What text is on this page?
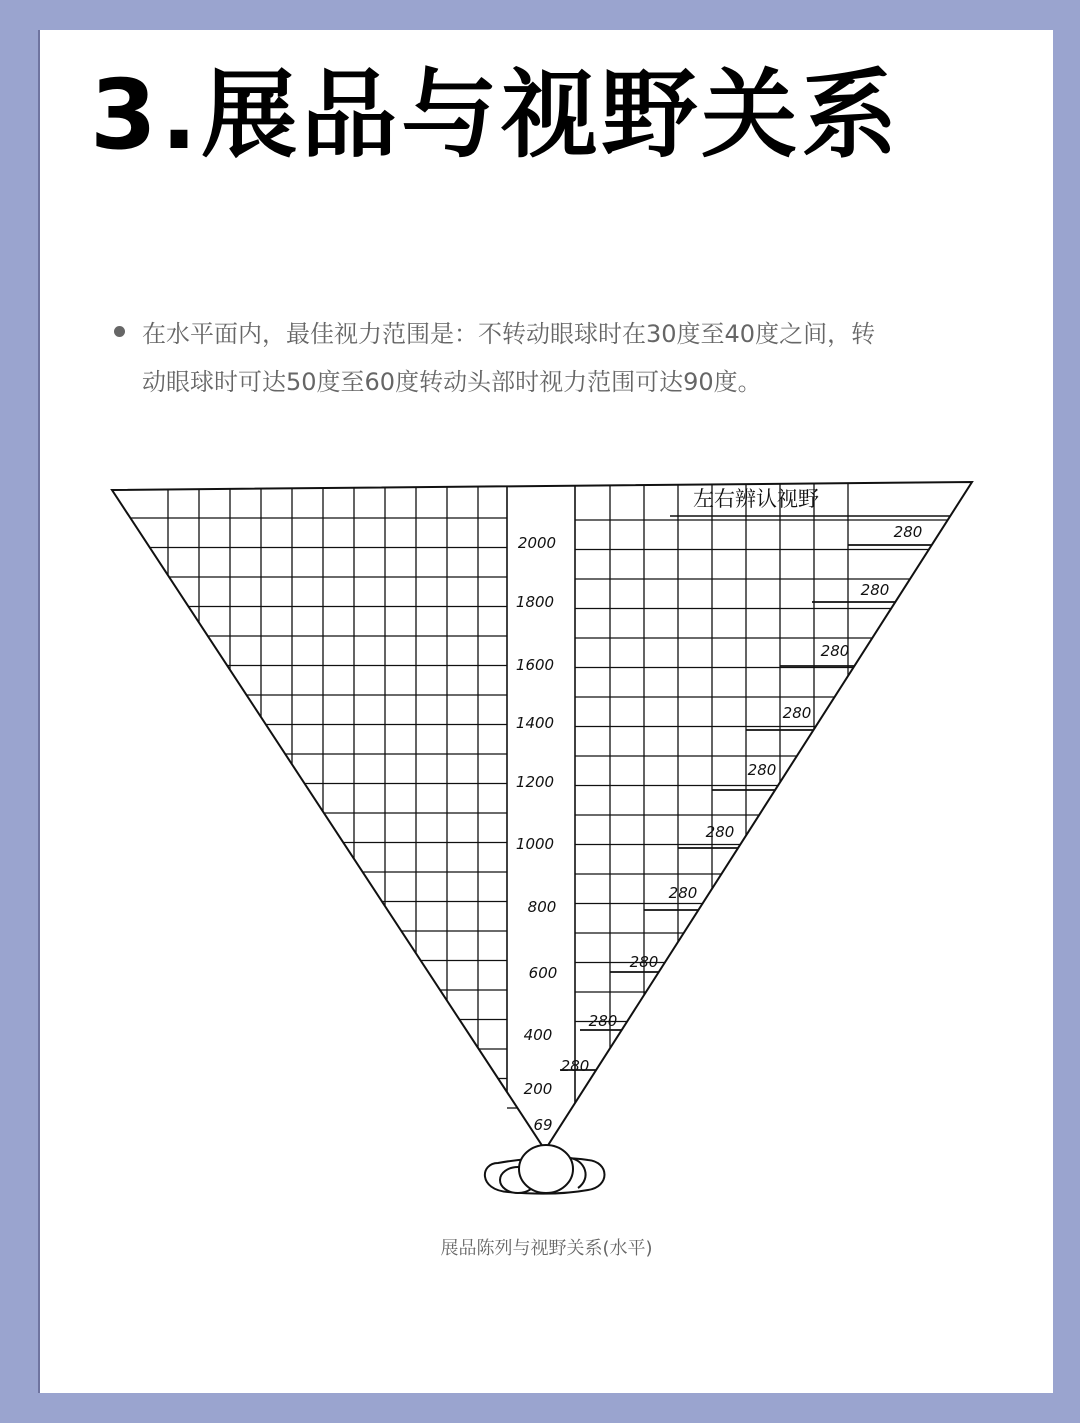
3.展品与视野关系
在水平面内，最佳视力范围是：不转动眼球时在30度至40度之间，转
动眼球时可达50度至60度转动头部时视力范围可达90度。
2000
1800
1600
1400
1200
1000
800
600
400
200
69
280
280
280
280
280
280
280
280
280
280
左右辨认视野
展品陈列与视野关系(水平)
